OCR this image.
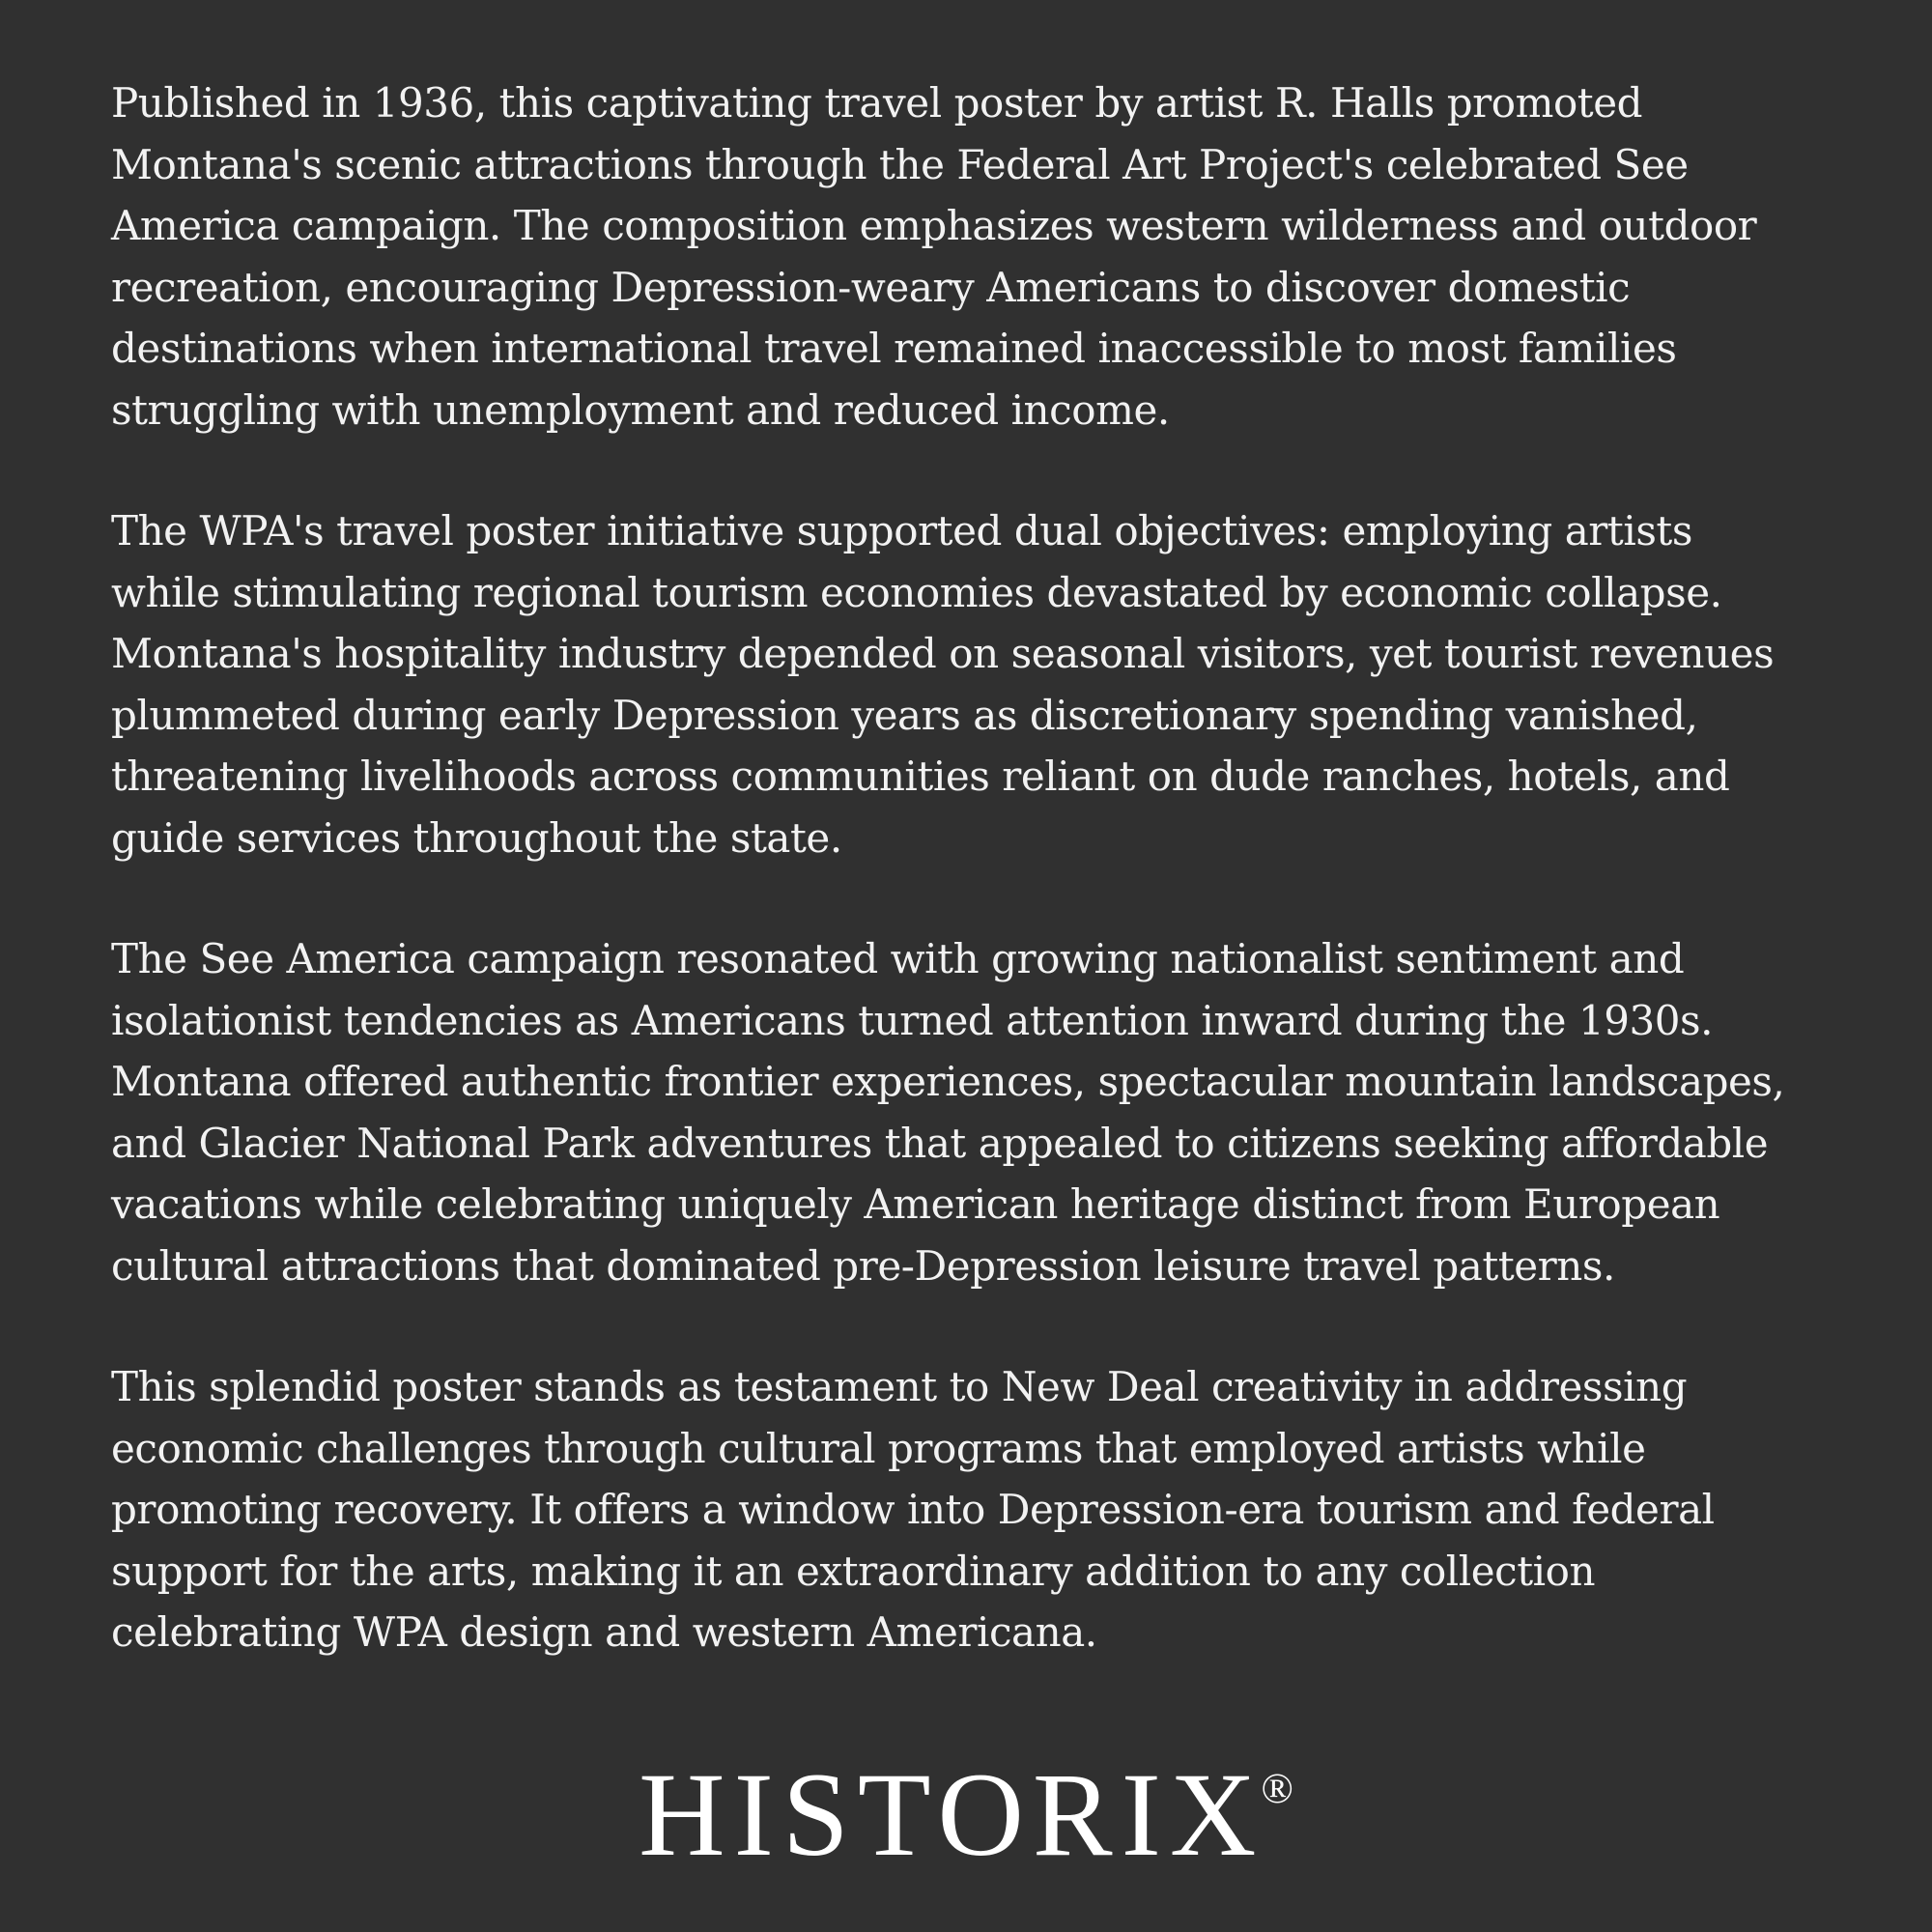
Published in 1936, this captivating travel poster by artist R. Halls promoted
Montana's scenic attractions through the Federal Art Project's celebrated See
America campaign. The composition emphasizes western wilderness and outdoor
recreation, encouraging Depression-weary Americans to discover domestic
destinations when international travel remained inaccessible to most families
struggling with unemployment and reduced income.

The WPA's travel poster initiative supported dual objectives: employing artists
while stimulating regional tourism economies devastated by economic collapse.
Montana's hospitality industry depended on seasonal visitors, yet tourist revenues
plummeted during early Depression years as discretionary spending vanished,
threatening livelihoods across communities reliant on dude ranches, hotels, and
guide services throughout the state.

The See America campaign resonated with growing nationalist sentiment and
isolationist tendencies as Americans turned attention inward during the 1930s.
Montana offered authentic frontier experiences, spectacular mountain landscapes,
and Glacier National Park adventures that appealed to citizens seeking affordable
vacations while celebrating uniquely American heritage distinct from European
cultural attractions that dominated pre-Depression leisure travel patterns.

This splendid poster stands as testament to New Deal creativity in addressing
economic challenges through cultural programs that employed artists while
promoting recovery. It offers a window into Depression-era tourism and federal
support for the arts, making it an extraordinary addition to any collection
celebrating WPA design and western Americana.

HISTORIX®
